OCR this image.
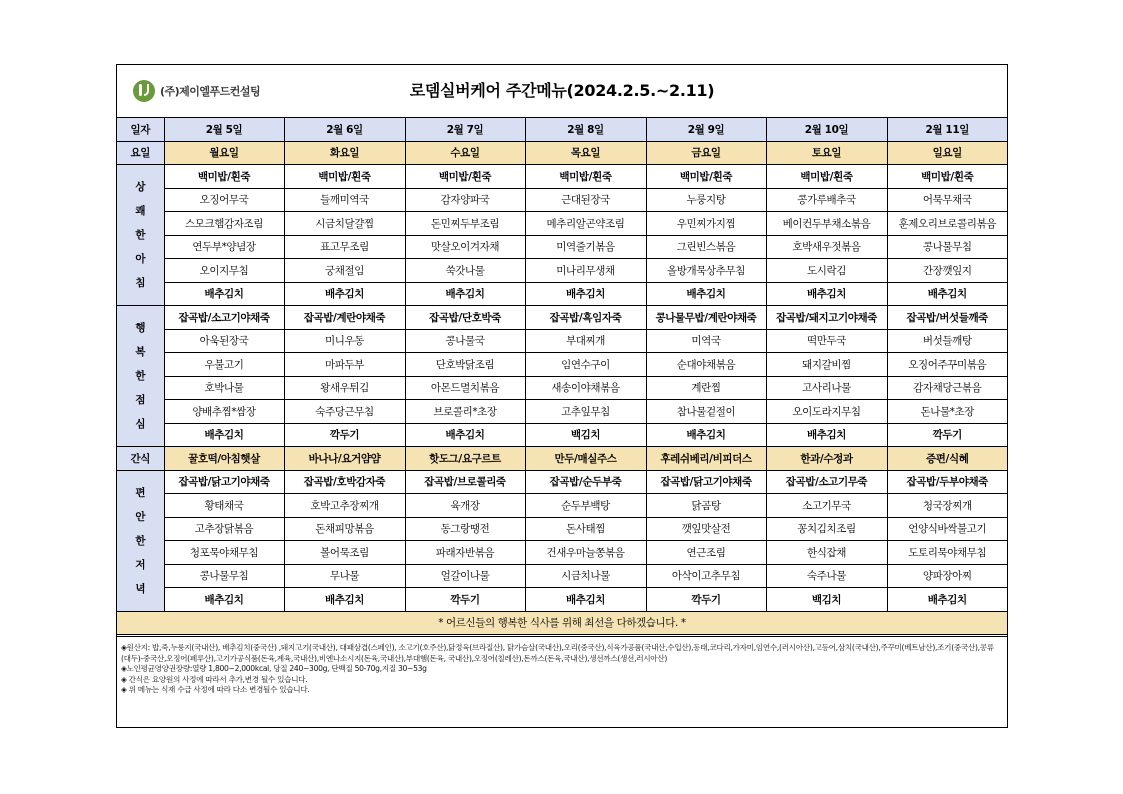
로뎀실버케어 주간메뉴(2024.2.5.~2.11)
(주)제이엘푸드컨설팅
일자	2월 5일	2월 6일	2월 7일	2월 8일	2월 9일	2월 10일	2월 11일
요일	월요일	화요일	수요일	목요일	금요일	토요일	일요일
상쾌한아침	백미밥/흰죽	백미밥/흰죽	백미밥/흰죽	백미밥/흰죽	백미밥/흰죽	백미밥/흰죽	백미밥/흰죽
	오징어무국	들깨미역국	감자양파국	근대된장국	누룽지탕	콩가루배추국	어묵무채국
	스모크햄감자조림	시금치달걀찜	돈민찌두부조림	메추리알곤약조림	우민찌가지찜	베이컨두부채소볶음	훈제오리브로콜리볶음
	연두부*양념장	표고무조림	맛살오이겨자채	미역줄기볶음	그린빈스볶음	호박새우젓볶음	콩나물무침
	오이지무침	궁채절임	쑥갓나물	미나리무생채	올방개묵상추무침	도시락김	간장깻잎지
	배추김치	배추김치	배추김치	배추김치	배추김치	배추김치	배추김치
행복한점심	잡곡밥/소고기야채죽	잡곡밥/계란야채죽	잡곡밥/단호박죽	잡곡밥/흑임자죽	콩나물무밥/계란야채죽	잡곡밥/돼지고기야채죽	잡곡밥/버섯들깨죽
	아욱된장국	미니우동	콩나물국	부대찌개	미역국	떡만두국	버섯들깨탕
	우불고기	마파두부	단호박닭조림	임연수구이	순대야채볶음	돼지갈비찜	오징어주꾸미볶음
	호박나물	왕새우튀김	아몬드멸치볶음	새송이야채볶음	계란찜	고사리나물	감자채당근볶음
	양배추찜*쌈장	숙주당근무침	브로콜리*초장	고추잎무침	참나물겉절이	오이도라지무침	돈나물*초장
	배추김치	깍두기	배추김치	백김치	배추김치	배추김치	깍두기
간식	꿀호떡/아침햇살	바나나/요거얌얌	핫도그/요구르트	만두/매실주스	후레쉬베리/비피더스	한과/수정과	증편/식혜
편안한저녁	잡곡밥/닭고기야채죽	잡곡밥/호박감자죽	잡곡밥/브로콜리죽	잡곡밥/순두부죽	잡곡밥/닭고기야채죽	잡곡밥/소고기무죽	잡곡밥/두부야채죽
	황태채국	호박고추장찌개	육개장	순두부백탕	닭곰탕	소고기무국	청국장찌개
	고추장닭볶음	돈채피망볶음	동그랑땡전	돈사태찜	깻잎맛살전	꽁치김치조림	언양식바싹불고기
	청포묵야채무침	볼어묵조림	파래자반볶음	건새우마늘쫑볶음	연근조림	한식잡채	도토리묵야채무침
	콩나물무침	무나물	얼갈이나물	시금치나물	아삭이고추무침	숙주나물	양파장아찌
	배추김치	배추김치	깍두기	배추김치	깍두기	백김치	배추김치
* 어르신들의 행복한 식사를 위해 최선을 다하겠습니다. *							
◈원산지: 밥,죽,누룽지(국내산), 배추김치(중국산) ,돼지고기(국내산), 대패삼겹(스페인), 소고기(호주산),닭정육(브라질산), 닭가슴살(국내산),오리(중국산),식육가공품(국내산,수입산),동태,코다리,가자미,임연수,(러시아산),고등어,삼치(국내산),주꾸미(베트남산),조기(중국산),콩류(대두)-중국산,오징어(페루산),고기가공식품(돈육,계육,국내산),비엔나소시지(돈육,국내산),부대햄(돈육, 국내산),오징어(칠레산),돈까스(돈육,국내산),생선까스(생선,러시아산)
◈노인평균영양권장량:열량 1,800~2,000kcal, 당질 240~300g, 단백질 50-70g,지질 30~53g
◈ 간식은 요양원의 사정에 따라서 추가,변경 될수 있습니다.
◈ 위 메뉴는 식재 수급 사정에 따라 다소 변경될수 있습니다.
